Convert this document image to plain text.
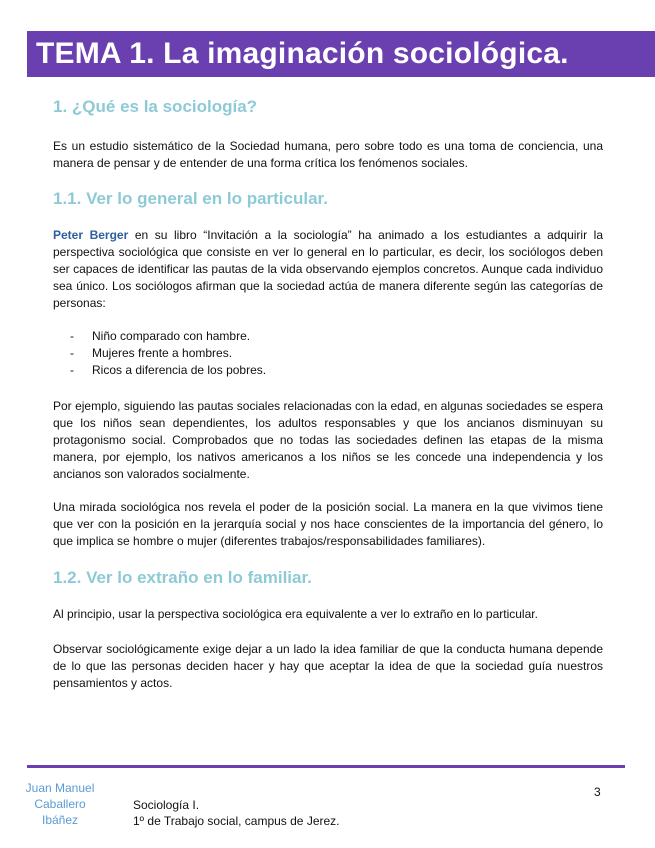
TEMA 1. La imaginación sociológica.
1. ¿Qué es la sociología?

Es un estudio sistemático de la Sociedad humana, pero sobre todo es una toma de conciencia, una manera de pensar y de entender de una forma crítica los fenómenos sociales.

1.1. Ver lo general en lo particular.

Peter Berger en su libro “Invitación a la sociología” ha animado a los estudiantes a adquirir la perspectiva sociológica que consiste en ver lo general en lo particular, es decir, los sociólogos deben ser capaces de identificar las pautas de la vida observando ejemplos concretos. Aunque cada individuo sea único. Los sociólogos afirman que la sociedad actúa de manera diferente según las categorías de personas:

- Niño comparado con hambre.
- Mujeres frente a hombres.
- Ricos a diferencia de los pobres.

Por ejemplo, siguiendo las pautas sociales relacionadas con la edad, en algunas sociedades se espera que los niños sean dependientes, los adultos responsables y que los ancianos disminuyan su protagonismo social. Comprobados que no todas las sociedades definen las etapas de la misma manera, por ejemplo, los nativos americanos a los niños se les concede una independencia y los ancianos son valorados socialmente.

Una mirada sociológica nos revela el poder de la posición social. La manera en la que vivimos tiene que ver con la posición en la jerarquía social y nos hace conscientes de la importancia del género, lo que implica se hombre o mujer (diferentes trabajos/responsabilidades familiares).

1.2. Ver lo extraño en lo familiar.

Al principio, usar la perspectiva sociológica era equivalente a ver lo extraño en lo particular.

Observar sociológicamente exige dejar a un lado la idea familiar de que la conducta humana depende de lo que las personas deciden hacer y hay que aceptar la idea de que la sociedad guía nuestros pensamientos y actos.

3
Juan Manuel
Caballero
Ibáñez
Sociología I.
1º de Trabajo social, campus de Jerez.
